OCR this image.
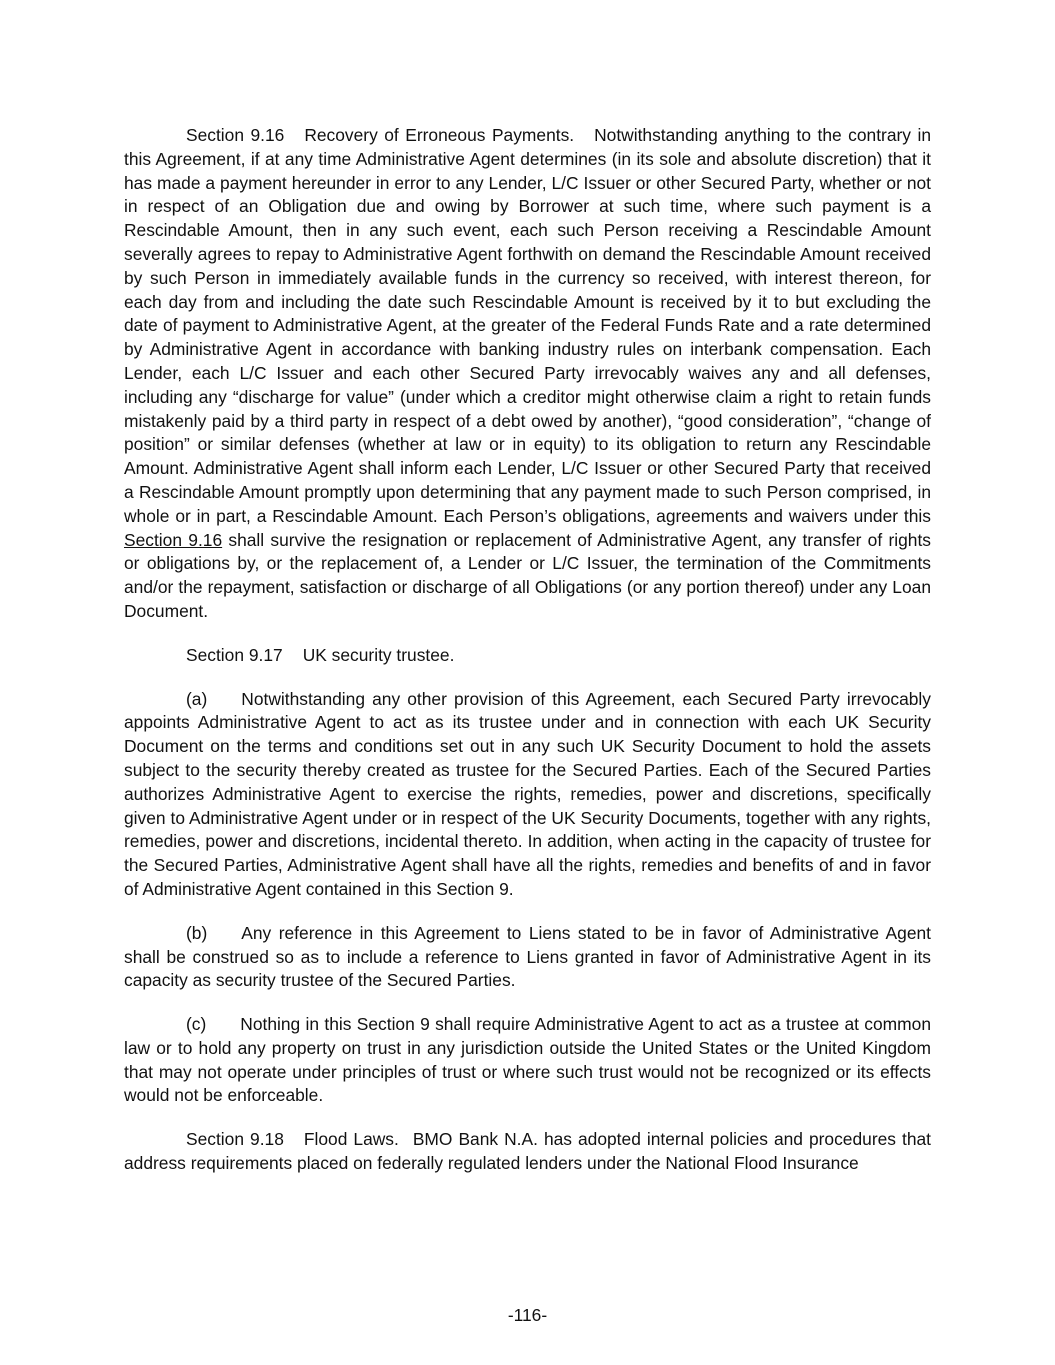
Section 9.16 Recovery of Erroneous Payments. Notwithstanding anything to the contrary in this Agreement, if at any time Administrative Agent determines (in its sole and absolute discretion) that it has made a payment hereunder in error to any Lender, L/C Issuer or other Secured Party, whether or not in respect of an Obligation due and owing by Borrower at such time, where such payment is a Rescindable Amount, then in any such event, each such Person receiving a Rescindable Amount severally agrees to repay to Administrative Agent forthwith on demand the Rescindable Amount received by such Person in immediately available funds in the currency so received, with interest thereon, for each day from and including the date such Rescindable Amount is received by it to but excluding the date of payment to Administrative Agent, at the greater of the Federal Funds Rate and a rate determined by Administrative Agent in accordance with banking industry rules on interbank compensation. Each Lender, each L/C Issuer and each other Secured Party irrevocably waives any and all defenses, including any “discharge for value” (under which a creditor might otherwise claim a right to retain funds mistakenly paid by a third party in respect of a debt owed by another), “good consideration”, “change of position” or similar defenses (whether at law or in equity) to its obligation to return any Rescindable Amount. Administrative Agent shall inform each Lender, L/C Issuer or other Secured Party that received a Rescindable Amount promptly upon determining that any payment made to such Person comprised, in whole or in part, a Rescindable Amount. Each Person’s obligations, agreements and waivers under this Section 9.16 shall survive the resignation or replacement of Administrative Agent, any transfer of rights or obligations by, or the replacement of, a Lender or L/C Issuer, the termination of the Commitments and/or the repayment, satisfaction or discharge of all Obligations (or any portion thereof) under any Loan Document.

Section 9.17 UK security trustee.

(a) Notwithstanding any other provision of this Agreement, each Secured Party irrevocably appoints Administrative Agent to act as its trustee under and in connection with each UK Security Document on the terms and conditions set out in any such UK Security Document to hold the assets subject to the security thereby created as trustee for the Secured Parties. Each of the Secured Parties authorizes Administrative Agent to exercise the rights, remedies, power and discretions, specifically given to Administrative Agent under or in respect of the UK Security Documents, together with any rights, remedies, power and discretions, incidental thereto. In addition, when acting in the capacity of trustee for the Secured Parties, Administrative Agent shall have all the rights, remedies and benefits of and in favor of Administrative Agent contained in this Section 9.

(b) Any reference in this Agreement to Liens stated to be in favor of Administrative Agent shall be construed so as to include a reference to Liens granted in favor of Administrative Agent in its capacity as security trustee of the Secured Parties.

(c) Nothing in this Section 9 shall require Administrative Agent to act as a trustee at common law or to hold any property on trust in any jurisdiction outside the United States or the United Kingdom that may not operate under principles of trust or where such trust would not be recognized or its effects would not be enforceable.

Section 9.18 Flood Laws. BMO Bank N.A. has adopted internal policies and procedures that address requirements placed on federally regulated lenders under the National Flood Insurance

-116-
